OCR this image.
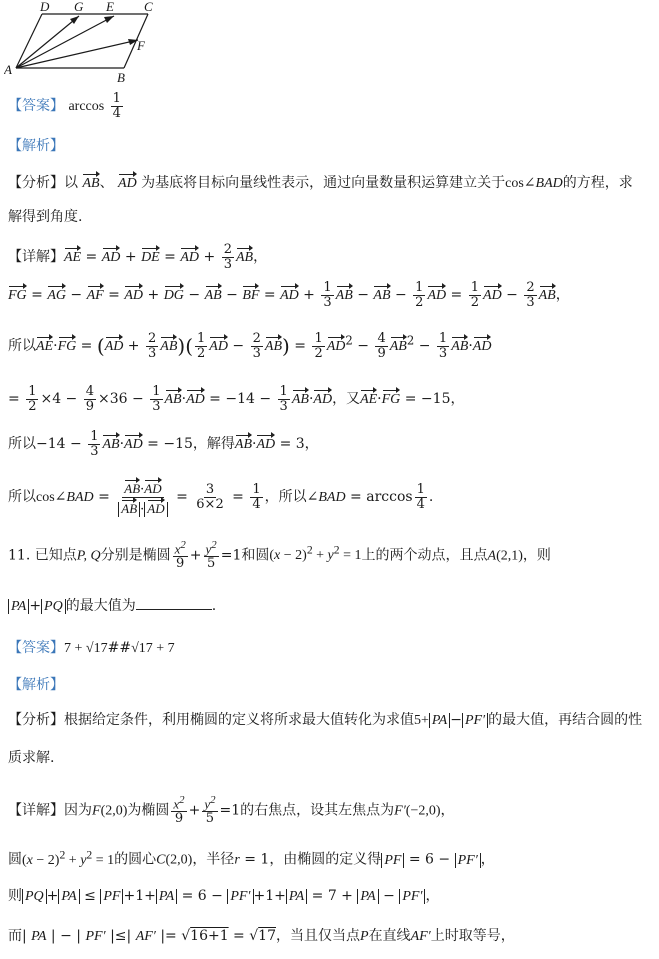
D G E C
F
A
B
【答案】 $\arccos \frac{1}{4}$
【解析】
【分析】以 AB、 AD 为基底将目标向量线性表示，通过向量数量积运算建立关于cos∠BAD的方程，求
解得到角度.
【详解】AE = AD + DE = AD + $\frac{2}{3}$ AB，
FG = AG − AF = AD + DG − AB − BF = AD + $\frac{1}{3}$ AB − AB − $\frac{1}{2}$ AD = $\frac{1}{2}$ AD − $\frac{2}{3}$ AB，
所以$AE\cdot FG = (AD + \frac{2}{3} AB)( \frac{1}{2}$ AD − $\frac{2}{3} AB) = \frac{1}{2} AD^2 - \frac{4}{9} AB^2 - \frac{1}{3} AB\cdot AD$
= $\frac{1}{2} \times 4 - \frac{4}{9} \times 36 - \frac{1}{3} AB\cdot AD = -14 - \frac{1}{3} AB\cdot AD$，又AE·FG = −15，
所以$-14 - \frac{1}{3} AB\cdot AD = -15$，解得AB·AD = 3，
所以cos∠BAD = $\frac{AB\cdot AD}{AB \cdot AD} = \frac{3}{6\times 2} = \frac{1}{4}$ ，所以∠BAD = $\arccos \frac{1}{4}$ .
11. 已知点P, Q分别是椭圆 $\frac{x^2}{9} + \frac{y^2}{5} =1$和圆$(x - 2)^2 + y^2 = 1$上的两个动点，且点A(2,1)，则
PA + PQ 的最大值为	.
【答案】7 + √17##√17 + 7
【解析】
【分析】根据给定条件，利用椭圆的定义将所求最大值转化为求值5+ PA − PF′ 的最大值，再结合圆的性
质求解.
【详解】因为F(2,0)为椭圆 $\frac{x^2}{9} + \frac{y^2}{5} =1$的右焦点，设其左焦点为F′(−2,0)，
圆$(x - 2)^2 + y^2 = 1$的圆心C(2,0)，半径r = 1，由椭圆的定义得 PF = 6 − PF′ ，
则 PQ + PA ≤ PF +1+ PA = 6 − PF′ +1+ PA = 7 + PA − PF′ ，
而| PA | − | PF′ |≤| AF′ |= √16+1 = √17，当且仅当点P在直线AF′上时取等号，
